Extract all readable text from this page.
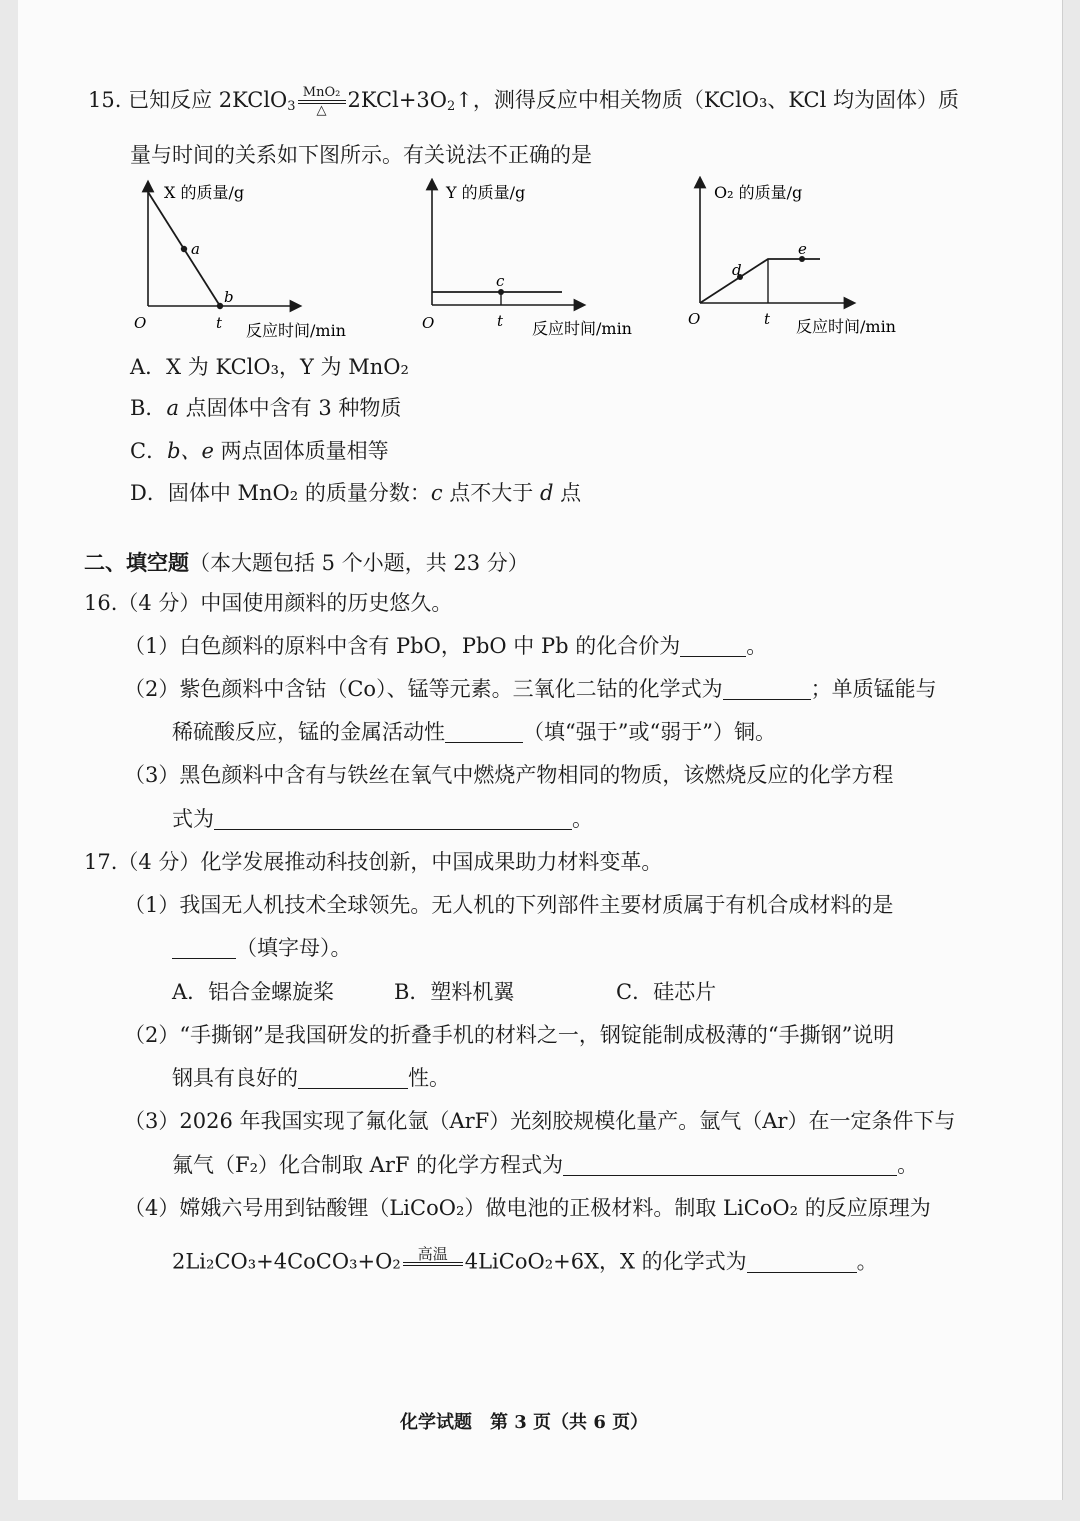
15. 已知反应 2KClO$_3$
MnO₂
△	$2KCl+3O_2↑$，测得反应中相关物质（KClO₃、KCl 均为固体）质
量与时间的关系如下图所示。有关说法不正确的是
X 的质量/g
a
b
O	t 反应时间/min
Y 的质量/g
c
O	t 反应时间/min
O₂ 的质量/g
d
e
O	t 反应时间/min
A．X 为 KClO₃，Y 为 MnO₂
B．a 点固体中含有 3 种物质
C．b、e 两点固体质量相等
D．固体中 MnO₂ 的质量分数：c 点不大于 d 点
二、填空题（本大题包括 5 个小题，共 23 分）
16.（4 分）中国使用颜料的历史悠久。
（1）白色颜料的原料中含有 PbO，PbO 中 Pb 的化合价为	。
（2）紫色颜料中含钴（Co）、锰等元素。三氧化二钴的化学式为	；单质锰能与
稀硫酸反应，锰的金属活动性	（填“强于”或“弱于”）铜。
（3）黑色颜料中含有与铁丝在氧气中燃烧产物相同的物质，该燃烧反应的化学方程
式为	。
17.（4 分）化学发展推动科技创新，中国成果助力材料变革。
（1）我国无人机技术全球领先。无人机的下列部件主要材质属于有机合成材料的是
（填字母）。
A．铝合金螺旋桨	B．塑料机翼	C．硅芯片
（2）“手撕钢”是我国研发的折叠手机的材料之一，钢锭能制成极薄的“手撕钢”说明
钢具有良好的	性。
（3）2026 年我国实现了氟化氩（ArF）光刻胶规模化量产。氩气（Ar）在一定条件下与
氟气（F₂）化合制取 ArF 的化学方程式为	。
（4）嫦娥六号用到钴酸锂（LiCoO₂）做电池的正极材料。制取 LiCoO₂ 的反应原理为
2Li₂CO₃+4CoCO₃+O₂	高温
4LiCoO₂+6X，X 的化学式为	。
化学试题　第 3 页（共 6 页）
